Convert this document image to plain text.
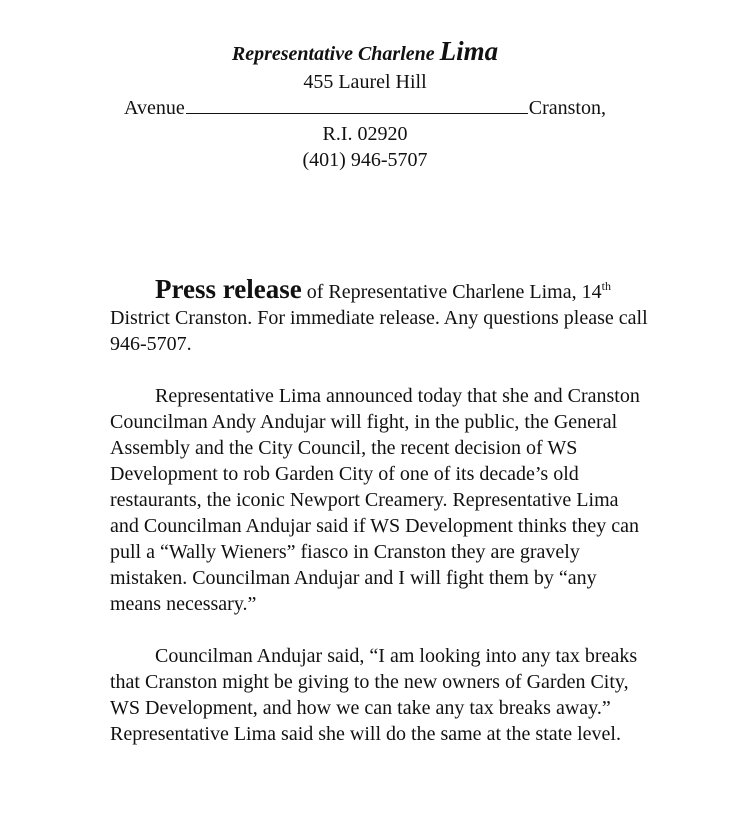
Representative Charlene Lima
455 Laurel Hill
Avenue	Cranston,
R.I. 02920
(401) 946-5707

Press release of Representative Charlene Lima, 14th District Cranston. For immediate release. Any questions please call 946-5707.

Representative Lima announced today that she and Cranston Councilman Andy Andujar will fight, in the public, the General Assembly and the City Council, the recent decision of WS Development to rob Garden City of one of its decade’s old restaurants, the iconic Newport Creamery. Representative Lima and Councilman Andujar said if WS Development thinks they can pull a “Wally Wieners” fiasco in Cranston they are gravely mistaken. Councilman Andujar and I will fight them by “any means necessary.”

Councilman Andujar said, “I am looking into any tax breaks that Cranston might be giving to the new owners of Garden City, WS Development, and how we can take any tax breaks away.” Representative Lima said she will do the same at the state level.
